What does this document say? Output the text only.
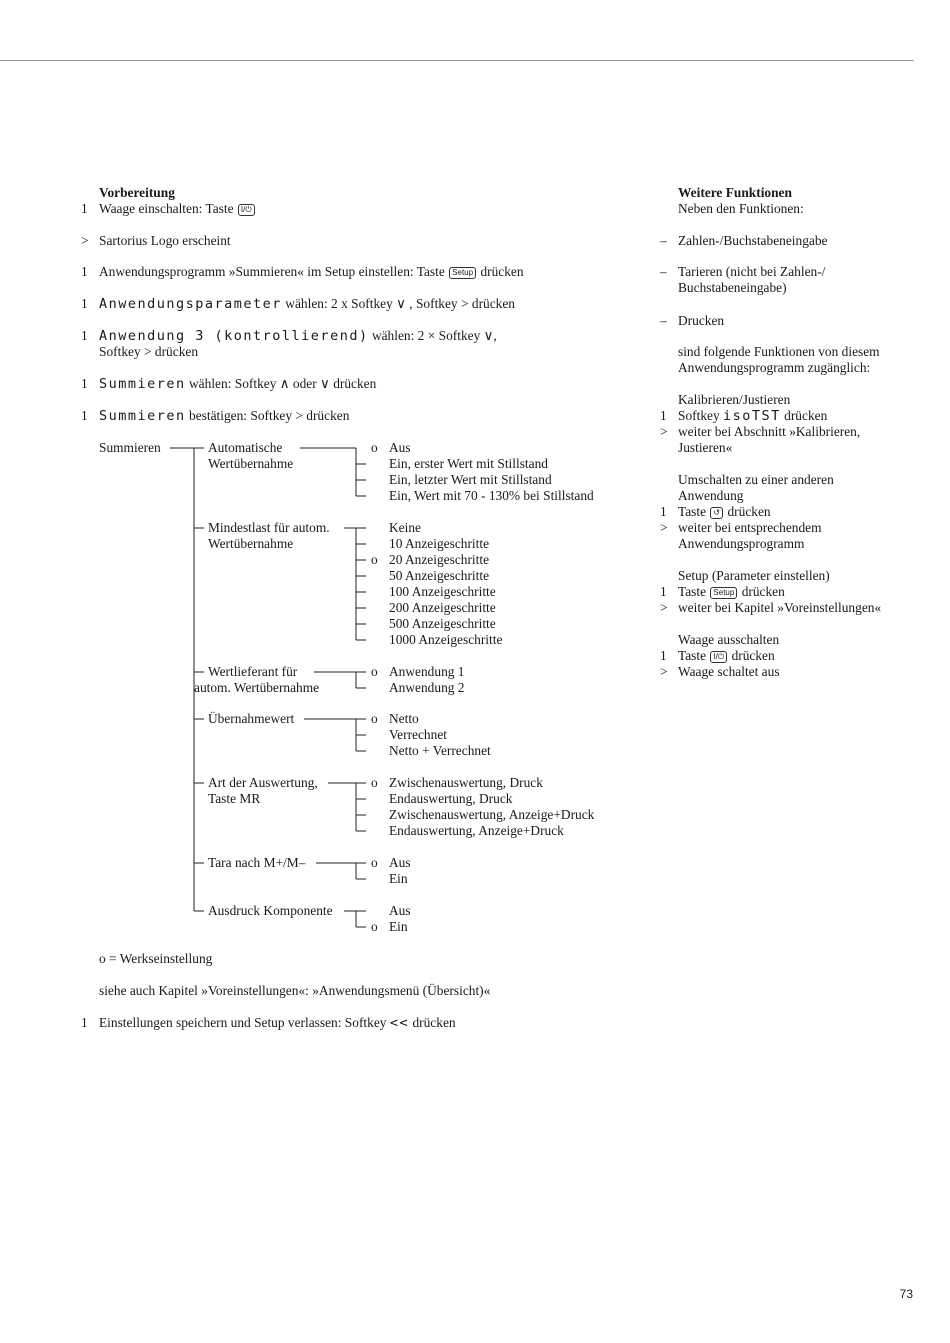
Vorbereitung
1 Waage einschalten: Taste I/⏻
> Sartorius Logo erscheint
1 Anwendungsprogramm »Summieren« im Setup einstellen: Taste Setup drücken
1 Anwendungsparameter wählen: 2 x Softkey ∨ , Softkey > drücken
1 Anwendung 3 (kontrollierend) wählen: 2 × Softkey ∨,
Softkey > drücken
1 Summieren wählen: Softkey ∧ oder ∨ drücken
1 Summieren bestätigen: Softkey > drücken
Summieren	Automatische
Wertübernahme
o Aus
Ein, erster Wert mit Stillstand
Ein, letzter Wert mit Stillstand
Ein, Wert mit 70 - 130% bei Stillstand
Mindestlast für autom.
Wertübernahme
o
Keine
10 Anzeigeschritte
20 Anzeigeschritte
50 Anzeigeschritte
100 Anzeigeschritte
200 Anzeigeschritte
500 Anzeigeschritte
1000 Anzeigeschritte
Wertlieferant für
autom. Wertübernahme
o Anwendung 1
Anwendung 2
Übernahmewert	o Netto
Verrechnet
Netto + Verrechnet
Art der Auswertung,
Taste MR
o Zwischenauswertung, Druck
Endauswertung, Druck
Zwischenauswertung, Anzeige+Druck
Endauswertung, Anzeige+Druck
Tara nach M+/M–	o Aus
Ein
Ausdruck Komponente
o
Aus
Ein
o = Werkseinstellung
siehe auch Kapitel »Voreinstellungen«: »Anwendungsmenü (Übersicht)«
1 Einstellungen speichern und Setup verlassen: Softkey << drücken
Weitere Funktionen
Neben den Funktionen:
– Zahlen-/Buchstabeneingabe
– Tarieren (nicht bei Zahlen-/
Buchstabeneingabe)
– Drucken
sind folgende Funktionen von diesem
Anwendungsprogramm zugänglich:
Kalibrieren/Justieren
1 Softkey isoTST drücken
> weiter bei Abschnitt »Kalibrieren,
Justieren«
Umschalten zu einer anderen
Anwendung
1 Taste ↺ drücken
> weiter bei entsprechendem
Anwendungsprogramm
Setup (Parameter einstellen)
1 Taste Setup drücken
> weiter bei Kapitel »Voreinstellungen«
Waage ausschalten
1 Taste I/⏻ drücken
> Waage schaltet aus
73
